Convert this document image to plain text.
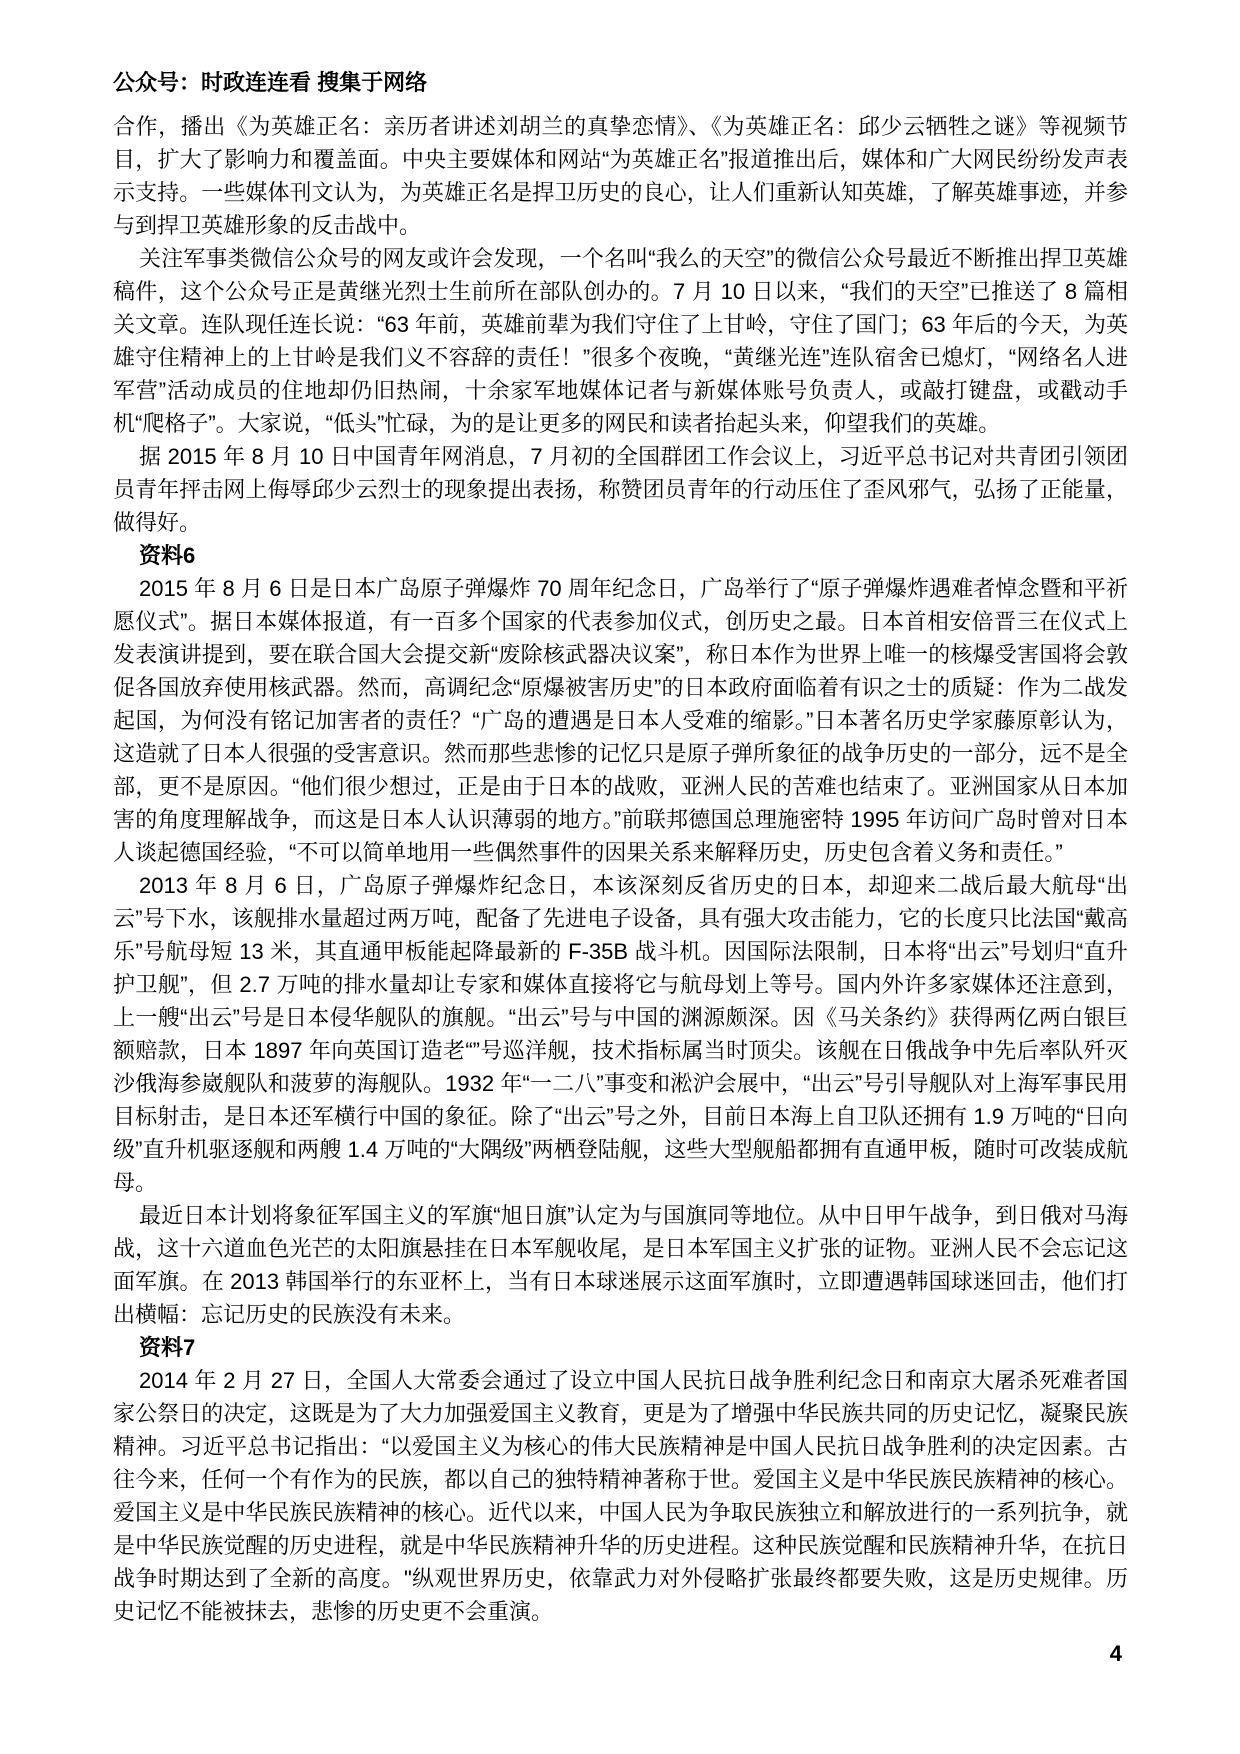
公众号：时政连连看 搜集于网络

合作，播出《为英雄正名：亲历者讲述刘胡兰的真挚恋情》、《为英雄正名：邱少云牺牲之谜》等视频节目，扩大了影响力和覆盖面。中央主要媒体和网站“为英雄正名”报道推出后，媒体和广大网民纷纷发声表示支持。一些媒体刊文认为，为英雄正名是捍卫历史的良心，让人们重新认知英雄，了解英雄事迹，并参与到捍卫英雄形象的反击战中。

关注军事类微信公众号的网友或许会发现，一个名叫“我么的天空”的微信公众号最近不断推出捍卫英雄稿件，这个公众号正是黄继光烈士生前所在部队创办的。7 月 10 日以来，“我们的天空”已推送了 8 篇相关文章。连队现任连长说：“63 年前，英雄前辈为我们守住了上甘岭，守住了国门；63 年后的今天，为英雄守住精神上的上甘岭是我们义不容辞的责任！”很多个夜晚，“黄继光连”连队宿舍已熄灯，“网络名人进军营”活动成员的住地却仍旧热闹，十余家军地媒体记者与新媒体账号负责人，或敲打键盘，或戳动手机“爬格子”。大家说，“低头”忙碌，为的是让更多的网民和读者抬起头来，仰望我们的英雄。

据 2015 年 8 月 10 日中国青年网消息，7 月初的全国群团工作会议上，习近平总书记对共青团引领团员青年抨击网上侮辱邱少云烈士的现象提出表扬，称赞团员青年的行动压住了歪风邪气，弘扬了正能量，做得好。

资料6

2015 年 8 月 6 日是日本广岛原子弹爆炸 70 周年纪念日，广岛举行了“原子弹爆炸遇难者悼念暨和平祈愿仪式”。据日本媒体报道，有一百多个国家的代表参加仪式，创历史之最。日本首相安倍晋三在仪式上发表演讲提到，要在联合国大会提交新“废除核武器决议案”，称日本作为世界上唯一的核爆受害国将会敦促各国放弃使用核武器。然而，高调纪念“原爆被害历史”的日本政府面临着有识之士的质疑：作为二战发起国，为何没有铭记加害者的责任？“广岛的遭遇是日本人受难的缩影。”日本著名历史学家藤原彰认为，这造就了日本人很强的受害意识。然而那些悲惨的记忆只是原子弹所象征的战争历史的一部分，远不是全部，更不是原因。“他们很少想过，正是由于日本的战败，亚洲人民的苦难也结束了。亚洲国家从日本加害的角度理解战争，而这是日本人认识薄弱的地方。”前联邦德国总理施密特 1995 年访问广岛时曾对日本人谈起德国经验，“不可以简单地用一些偶然事件的因果关系来解释历史，历史包含着义务和责任。”

2013 年 8 月 6 日，广岛原子弹爆炸纪念日，本该深刻反省历史的日本，却迎来二战后最大航母“出云”号下水，该舰排水量超过两万吨，配备了先进电子设备，具有强大攻击能力，它的长度只比法国“戴高乐”号航母短 13 米，其直通甲板能起降最新的 F-35B 战斗机。因国际法限制，日本将“出云”号划归“直升护卫舰”，但 2.7 万吨的排水量却让专家和媒体直接将它与航母划上等号。国内外许多家媒体还注意到，上一艘“出云”号是日本侵华舰队的旗舰。“出云”号与中国的渊源颇深。因《马关条约》获得两亿两白银巨额赔款，日本 1897 年向英国订造老“”号巡洋舰，技术指标属当时顶尖。该舰在日俄战争中先后率队歼灭沙俄海参崴舰队和菠萝的海舰队。1932 年“一二八”事变和淞沪会展中，“出云”号引导舰队对上海军事民用目标射击，是日本还军横行中国的象征。除了“出云”号之外，目前日本海上自卫队还拥有 1.9 万吨的“日向级”直升机驱逐舰和两艘 1.4 万吨的“大隅级”两栖登陆舰，这些大型舰船都拥有直通甲板，随时可改装成航母。

最近日本计划将象征军国主义的军旗“旭日旗”认定为与国旗同等地位。从中日甲午战争，到日俄对马海战，这十六道血色光芒的太阳旗悬挂在日本军舰收尾，是日本军国主义扩张的证物。亚洲人民不会忘记这面军旗。在 2013 韩国举行的东亚杯上，当有日本球迷展示这面军旗时，立即遭遇韩国球迷回击，他们打出横幅：忘记历史的民族没有未来。

资料7

2014 年 2 月 27 日，全国人大常委会通过了设立中国人民抗日战争胜利纪念日和南京大屠杀死难者国家公祭日的决定，这既是为了大力加强爱国主义教育，更是为了增强中华民族共同的历史记忆，凝聚民族精神。习近平总书记指出：“以爱国主义为核心的伟大民族精神是中国人民抗日战争胜利的决定因素。古往今来，任何一个有作为的民族，都以自己的独特精神著称于世。爱国主义是中华民族民族精神的核心。爱国主义是中华民族民族精神的核心。近代以来，中国人民为争取民族独立和解放进行的一系列抗争，就是中华民族觉醒的历史进程，就是中华民族精神升华的历史进程。这种民族觉醒和民族精神升华，在抗日战争时期达到了全新的高度。"纵观世界历史，依靠武力对外侵略扩张最终都要失败，这是历史规律。历史记忆不能被抹去，悲惨的历史更不会重演。

4
